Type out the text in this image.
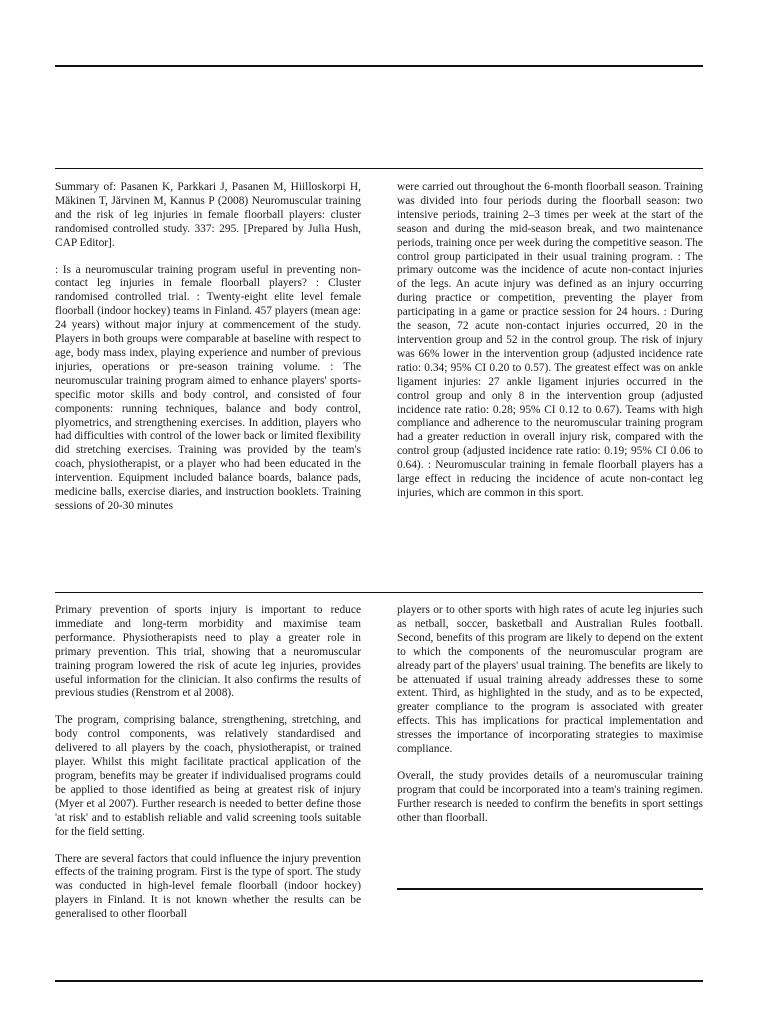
Summary of: Pasanen K, Parkkari J, Pasanen M, Hiilloskorpi H, Mäkinen T, Järvinen M, Kannus P (2008) Neuromuscular training and the risk of leg injuries in female floorball players: cluster randomised controlled study. 337: 295. [Prepared by Julia Hush, CAP Editor].

: Is a neuromuscular training program useful in preventing non-contact leg injuries in female floorball players? : Cluster randomised controlled trial. : Twenty-eight elite level female floorball (indoor hockey) teams in Finland. 457 players (mean age: 24 years) without major injury at commencement of the study. Players in both groups were comparable at baseline with respect to age, body mass index, playing experience and number of previous injuries, operations or pre-season training volume. : The neuromuscular training program aimed to enhance players' sports-specific motor skills and body control, and consisted of four components: running techniques, balance and body control, plyometrics, and strengthening exercises. In addition, players who had difficulties with control of the lower back or limited flexibility did stretching exercises. Training was provided by the team's coach, physiotherapist, or a player who had been educated in the intervention. Equipment included balance boards, balance pads, medicine balls, exercise diaries, and instruction booklets. Training sessions of 20-30 minutes

were carried out throughout the 6-month floorball season. Training was divided into four periods during the floorball season: two intensive periods, training 2–3 times per week at the start of the season and during the mid-season break, and two maintenance periods, training once per week during the competitive season. The control group participated in their usual training program. : The primary outcome was the incidence of acute non-contact injuries of the legs. An acute injury was defined as an injury occurring during practice or competition, preventing the player from participating in a game or practice session for 24 hours. : During the season, 72 acute non-contact injuries occurred, 20 in the intervention group and 52 in the control group. The risk of injury was 66% lower in the intervention group (adjusted incidence rate ratio: 0.34; 95% CI 0.20 to 0.57). The greatest effect was on ankle ligament injuries: 27 ankle ligament injuries occurred in the control group and only 8 in the intervention group (adjusted incidence rate ratio: 0.28; 95% CI 0.12 to 0.67). Teams with high compliance and adherence to the neuromuscular training program had a greater reduction in overall injury risk, compared with the control group (adjusted incidence rate ratio: 0.19; 95% CI 0.06 to 0.64). : Neuromuscular training in female floorball players has a large effect in reducing the incidence of acute non-contact leg injuries, which are common in this sport.

Primary prevention of sports injury is important to reduce immediate and long-term morbidity and maximise team performance. Physiotherapists need to play a greater role in primary prevention. This trial, showing that a neuromuscular training program lowered the risk of acute leg injuries, provides useful information for the clinician. It also confirms the results of previous studies (Renstrom et al 2008).

The program, comprising balance, strengthening, stretching, and body control components, was relatively standardised and delivered to all players by the coach, physiotherapist, or trained player. Whilst this might facilitate practical application of the program, benefits may be greater if individualised programs could be applied to those identified as being at greatest risk of injury (Myer et al 2007). Further research is needed to better define those 'at risk' and to establish reliable and valid screening tools suitable for the field setting.

There are several factors that could influence the injury prevention effects of the training program. First is the type of sport. The study was conducted in high-level female floorball (indoor hockey) players in Finland. It is not known whether the results can be generalised to other floorball

players or to other sports with high rates of acute leg injuries such as netball, soccer, basketball and Australian Rules football. Second, benefits of this program are likely to depend on the extent to which the components of the neuromuscular program are already part of the players' usual training. The benefits are likely to be attenuated if usual training already addresses these to some extent. Third, as highlighted in the study, and as to be expected, greater compliance to the program is associated with greater effects. This has implications for practical implementation and stresses the importance of incorporating strategies to maximise compliance.

Overall, the study provides details of a neuromuscular training program that could be incorporated into a team's training regimen. Further research is needed to confirm the benefits in sport settings other than floorball.
